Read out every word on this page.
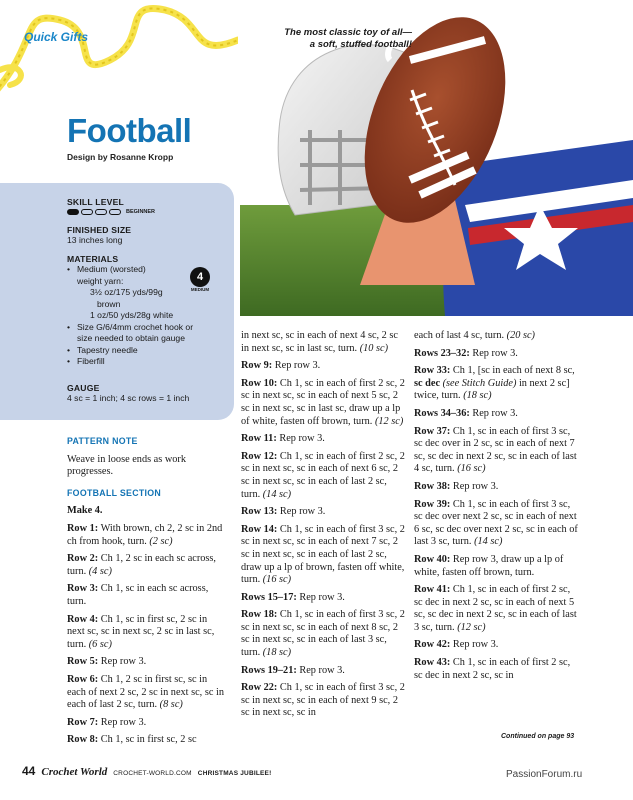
Quick Gifts
Football
Design by Rosanne Kropp
SKILL LEVEL
BEGINNER
FINISHED SIZE
13 inches long
MATERIALS
• Medium (worsted)
weight yarn:
3½ oz/175 yds/99g
brown
1 oz/50 yds/28g white
• Size G/6/4mm crochet hook or
size needed to obtain gauge
• Tapestry needle
• Fiberfill
4
MEDIUM
GAUGE
4 sc = 1 inch; 4 sc rows = 1 inch
The most classic toy of all—
a soft, stuffed football!
PATTERN NOTE
Weave in loose ends as work progresses.
FOOTBALL SECTION
Make 4.
Row 1: With brown, ch 2, 2 sc in 2nd ch from hook, turn. (2 sc)
Row 2: Ch 1, 2 sc in each sc across, turn. (4 sc)
Row 3: Ch 1, sc in each sc across, turn.
Row 4: Ch 1, sc in first sc, 2 sc in next sc, sc in next sc, 2 sc in last sc, turn. (6 sc)
Row 5: Rep row 3.
Row 6: Ch 1, 2 sc in first sc, sc in each of next 2 sc, 2 sc in next sc, sc in each of last 2 sc, turn. (8 sc)
Row 7: Rep row 3.
Row 8: Ch 1, sc in first sc, 2 sc
in next sc, sc in each of next 4 sc, 2 sc in next sc, sc in last sc, turn. (10 sc)
Row 9: Rep row 3.
Row 10: Ch 1, sc in each of first 2 sc, 2 sc in next sc, sc in each of next 5 sc, 2 sc in next sc, sc in last sc, draw up a lp of white, fasten off brown, turn. (12 sc)
Row 11: Rep row 3.
Row 12: Ch 1, sc in each of first 2 sc, 2 sc in next sc, sc in each of next 6 sc, 2 sc in next sc, sc in each of last 2 sc, turn. (14 sc)
Row 13: Rep row 3.
Row 14: Ch 1, sc in each of first 3 sc, 2 sc in next sc, sc in each of next 7 sc, 2 sc in next sc, sc in each of last 2 sc, draw up a lp of brown, fasten off white, turn. (16 sc)
Rows 15–17: Rep row 3.
Row 18: Ch 1, sc in each of first 3 sc, 2 sc in next sc, sc in each of next 8 sc, 2 sc in next sc, sc in each of last 3 sc, turn. (18 sc)
Rows 19–21: Rep row 3.
Row 22: Ch 1, sc in each of first 3 sc, 2 sc in next sc, sc in each of next 9 sc, 2 sc in next sc, sc in
each of last 4 sc, turn. (20 sc)
Rows 23–32: Rep row 3.
Row 33: Ch 1, [sc in each of next 8 sc, sc dec (see Stitch Guide) in next 2 sc] twice, turn. (18 sc)
Rows 34–36: Rep row 3.
Row 37: Ch 1, sc in each of first 3 sc, sc dec over in 2 sc, sc in each of next 7 sc, sc dec in next 2 sc, sc in each of last 4 sc, turn. (16 sc)
Row 38: Rep row 3.
Row 39: Ch 1, sc in each of first 3 sc, sc dec over next 2 sc, sc in each of next 6 sc, sc dec over next 2 sc, sc in each of last 3 sc, turn. (14 sc)
Row 40: Rep row 3, draw up a lp of white, fasten off brown, turn.
Row 41: Ch 1, sc in each of first 2 sc, sc dec in next 2 sc, sc in each of next 5 sc, sc dec in next 2 sc, sc in each of last 3 sc, turn. (12 sc)
Row 42: Rep row 3.
Row 43: Ch 1, sc in each of first 2 sc, sc dec in next 2 sc, sc in
Continued on page 93
44 Crochet World CROCHET-WORLD.COM CHRISTMAS JUBILEE!	PassionForum.ru
